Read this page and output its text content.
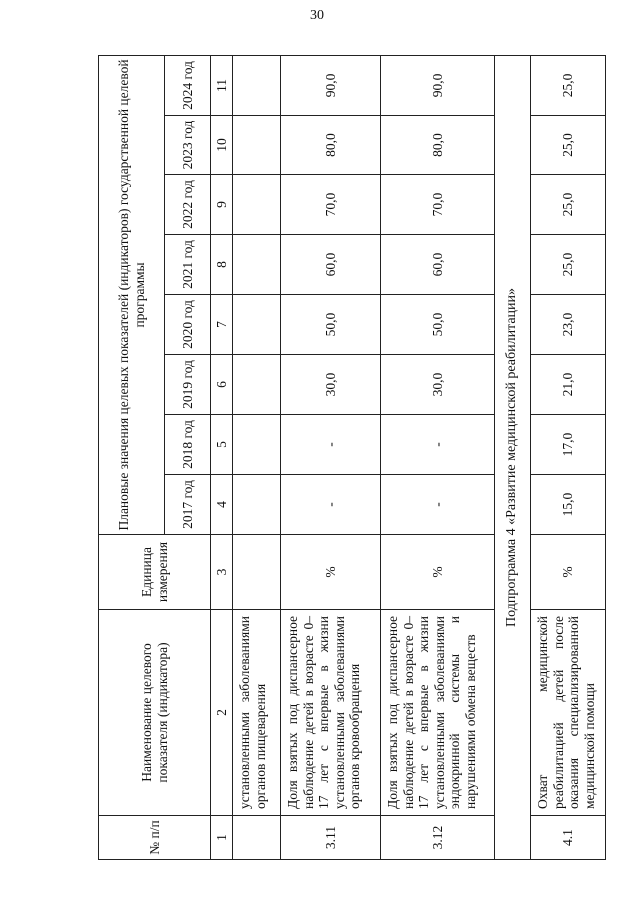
30
№ п/п	Наименование целевого показателя (индикатора)	Единица измерения	Плановые значения целевых показателей (индикаторов) государственной целевой программы							
			2017 год	2018 год	2019 год	2020 год	2021 год	2022 год	2023 год	2024 год
1	2	3	4	5	6	7	8	9	10	11
	установленными заболеваниями органов пищеварения									
3.11	Доля взятых под диспансерное наблюдение детей в возрасте 0–17 лет с впервые в жизни установленными заболеваниями органов кровообращения	%	-	-	30,0	50,0	60,0	70,0	80,0	90,0
3.12	Доля взятых под диспансерное наблюдение детей в возрасте 0–17 лет с впервые в жизни установленными заболеваниями эндокринной системы и нарушениями обмена веществ	%	-	-	30,0	50,0	60,0	70,0	80,0	90,0
Подпрограмма 4 «Развитие медицинской реабилитации»										
4.1	Охват медицинской реабилитацией детей после оказания специализированной медицинской помощи	%	15,0	17,0	21,0	23,0	25,0	25,0	25,0	25,0
